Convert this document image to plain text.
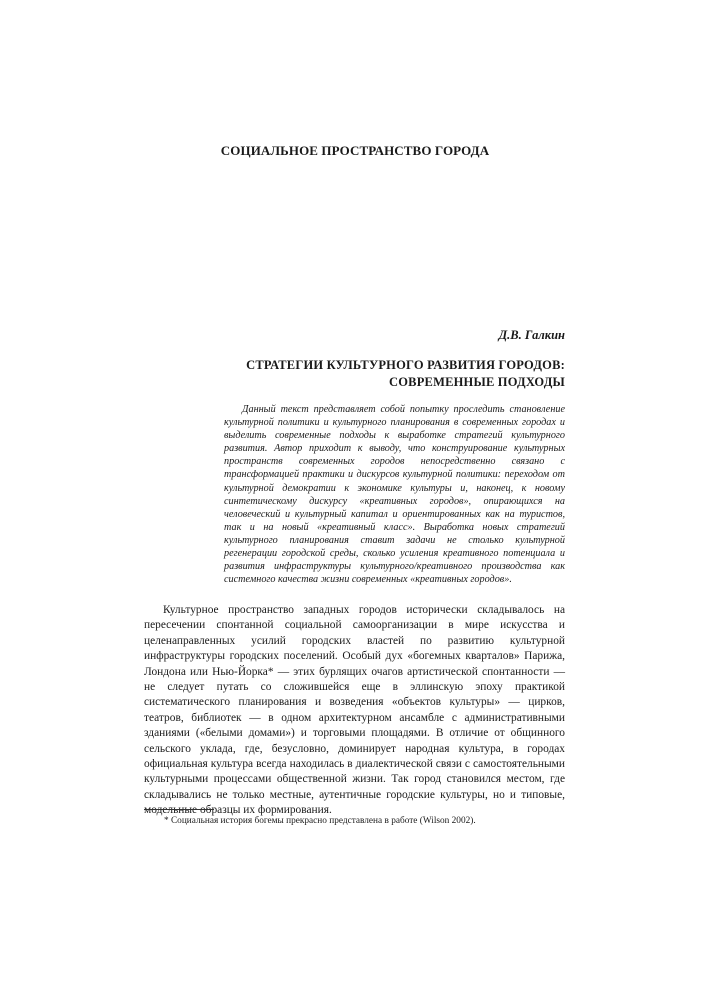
СОЦИАЛЬНОЕ ПРОСТРАНСТВО ГОРОДА
Д.В. Галкин
СТРАТЕГИИ КУЛЬТУРНОГО РАЗВИТИЯ ГОРОДОВ:
СОВРЕМЕННЫЕ ПОДХОДЫ

Данный текст представляет собой попытку проследить становление культурной политики и культурного планирования в современных городах и выделить современные подходы к выработке стратегий культурного развития. Автор приходит к выводу, что конструирование культурных пространств современных городов непосредственно связано с трансформацией практики и дискурсов культурной политики: переходом от культурной демократии к экономике культуры и, наконец, к новому синтетическому дискурсу «креативных городов», опирающихся на человеческий и культурный капитал и ориентированных как на туристов, так и на новый «креативный класс». Выработка новых стратегий культурного планирования ставит задачи не столько культурной регенерации городской среды, сколько усиления креативного потенциала и развития инфраструктуры культурного/креативного производства как системного качества жизни современных «креативных городов».

Культурное пространство западных городов исторически складывалось на пересечении спонтанной социальной самоорганизации в мире искусства и целенаправленных усилий городских властей по развитию культурной инфраструктуры городских поселений. Особый дух «богемных кварталов» Парижа, Лондона или Нью-Йорка* — этих бурлящих очагов артистической спонтанности — не следует путать со сложившейся еще в эллинскую эпоху практикой систематического планирования и возведения «объектов культуры» — цирков, театров, библиотек — в одном архитектурном ансамбле с административными зданиями («белыми домами») и торговыми площадями. В отличие от общинного сельского уклада, где, безусловно, доминирует народная культура, в городах официальная культура всегда находилась в диалектической связи с самостоятельными культурными процессами общественной жизни. Так город становился местом, где складывались не только местные, аутентичные городские культуры, но и типовые, модельные образцы их формирования.

* Социальная история богемы прекрасно представлена в работе (Wilson 2002).
